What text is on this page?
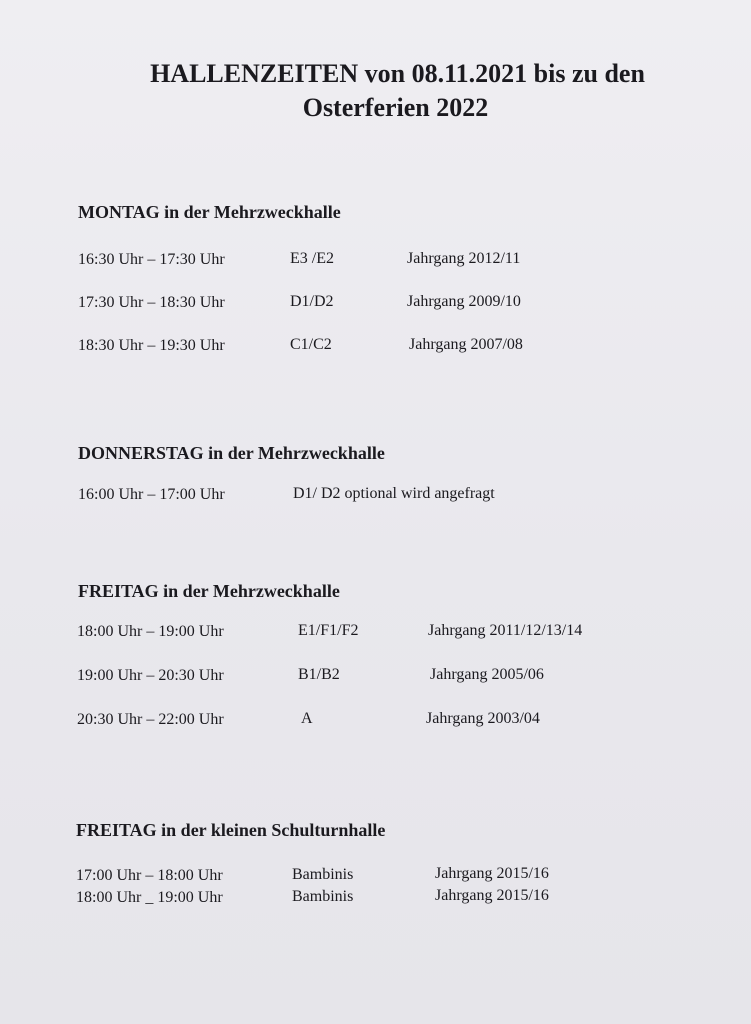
HALLENZEITEN von 08.11.2021 bis zu den
Osterferien 2022
MONTAG in der Mehrzweckhalle
16:30 Uhr – 17:30 Uhr	E3 /E2	Jahrgang 2012/11
17:30 Uhr – 18:30 Uhr	D1/D2	Jahrgang 2009/10
18:30 Uhr – 19:30 Uhr	C1/C2	Jahrgang 2007/08
DONNERSTAG in der Mehrzweckhalle
16:00 Uhr – 17:00 Uhr	D1/ D2 optional wird angefragt
FREITAG in der Mehrzweckhalle
18:00 Uhr – 19:00 Uhr	E1/F1/F2	Jahrgang 2011/12/13/14
19:00 Uhr – 20:30 Uhr	B1/B2	Jahrgang 2005/06
20:30 Uhr – 22:00 Uhr	A	Jahrgang 2003/04
FREITAG in der kleinen Schulturnhalle
17:00 Uhr – 18:00 Uhr	Bambinis	Jahrgang 2015/16
18:00 Uhr _ 19:00 Uhr	Bambinis	Jahrgang 2015/16
